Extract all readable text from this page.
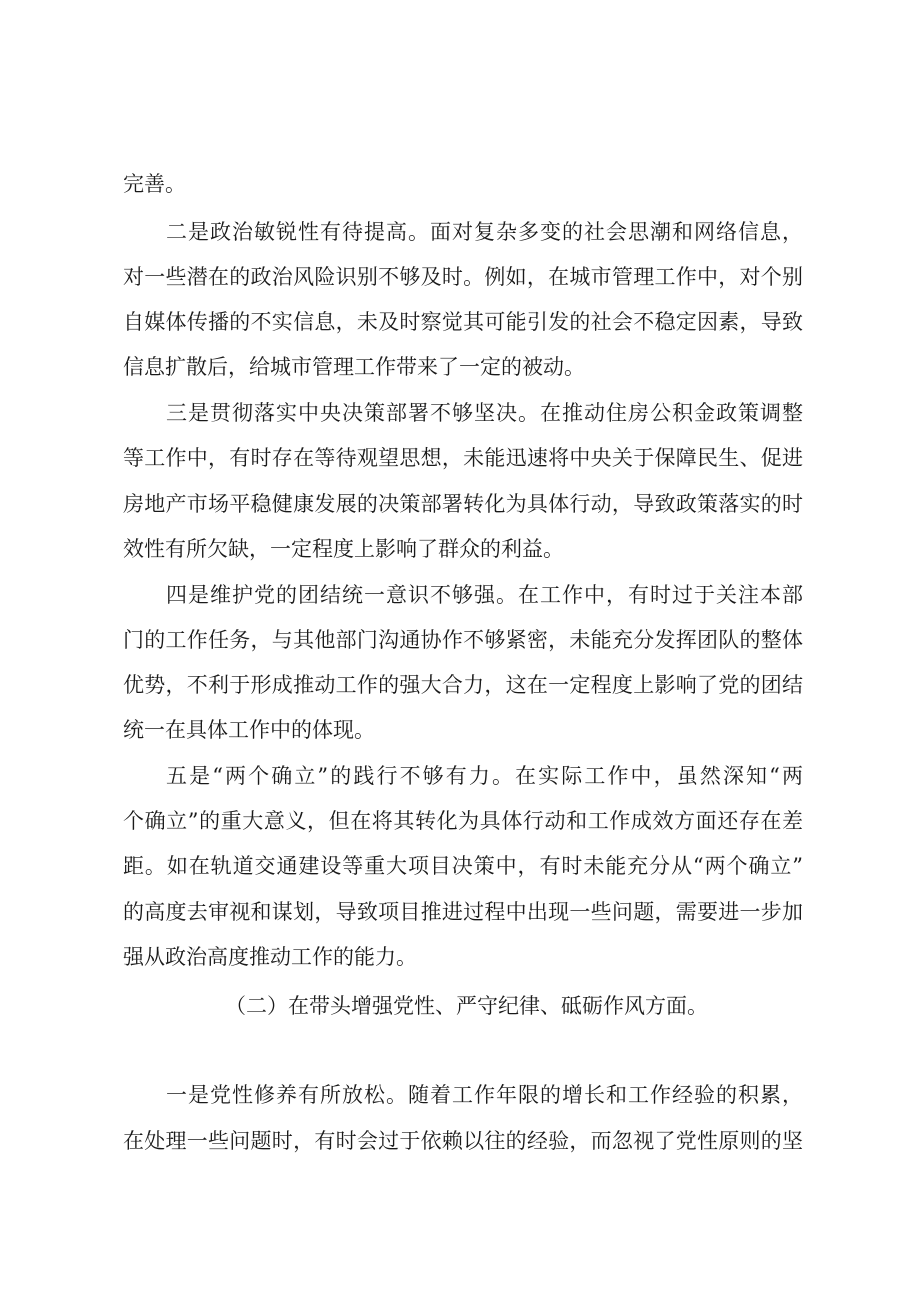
完善。
二是政治敏锐性有待提高。面对复杂多变的社会思潮和网络信息，
对一些潜在的政治风险识别不够及时。例如，在城市管理工作中，对个别
自媒体传播的不实信息，未及时察觉其可能引发的社会不稳定因素，导致
信息扩散后，给城市管理工作带来了一定的被动。
三是贯彻落实中央决策部署不够坚决。在推动住房公积金政策调整
等工作中，有时存在等待观望思想，未能迅速将中央关于保障民生、促进
房地产市场平稳健康发展的决策部署转化为具体行动，导致政策落实的时
效性有所欠缺，一定程度上影响了群众的利益。
四是维护党的团结统一意识不够强。在工作中，有时过于关注本部
门的工作任务，与其他部门沟通协作不够紧密，未能充分发挥团队的整体
优势，不利于形成推动工作的强大合力，这在一定程度上影响了党的团结
统一在具体工作中的体现。
五是“两个确立”的践行不够有力。在实际工作中，虽然深知“两
个确立”的重大意义，但在将其转化为具体行动和工作成效方面还存在差
距。如在轨道交通建设等重大项目决策中，有时未能充分从“两个确立”
的高度去审视和谋划，导致项目推进过程中出现一些问题，需要进一步加
强从政治高度推动工作的能力。
（二）在带头增强党性、严守纪律、砥砺作风方面。
一是党性修养有所放松。随着工作年限的增长和工作经验的积累，
在处理一些问题时，有时会过于依赖以往的经验，而忽视了党性原则的坚
